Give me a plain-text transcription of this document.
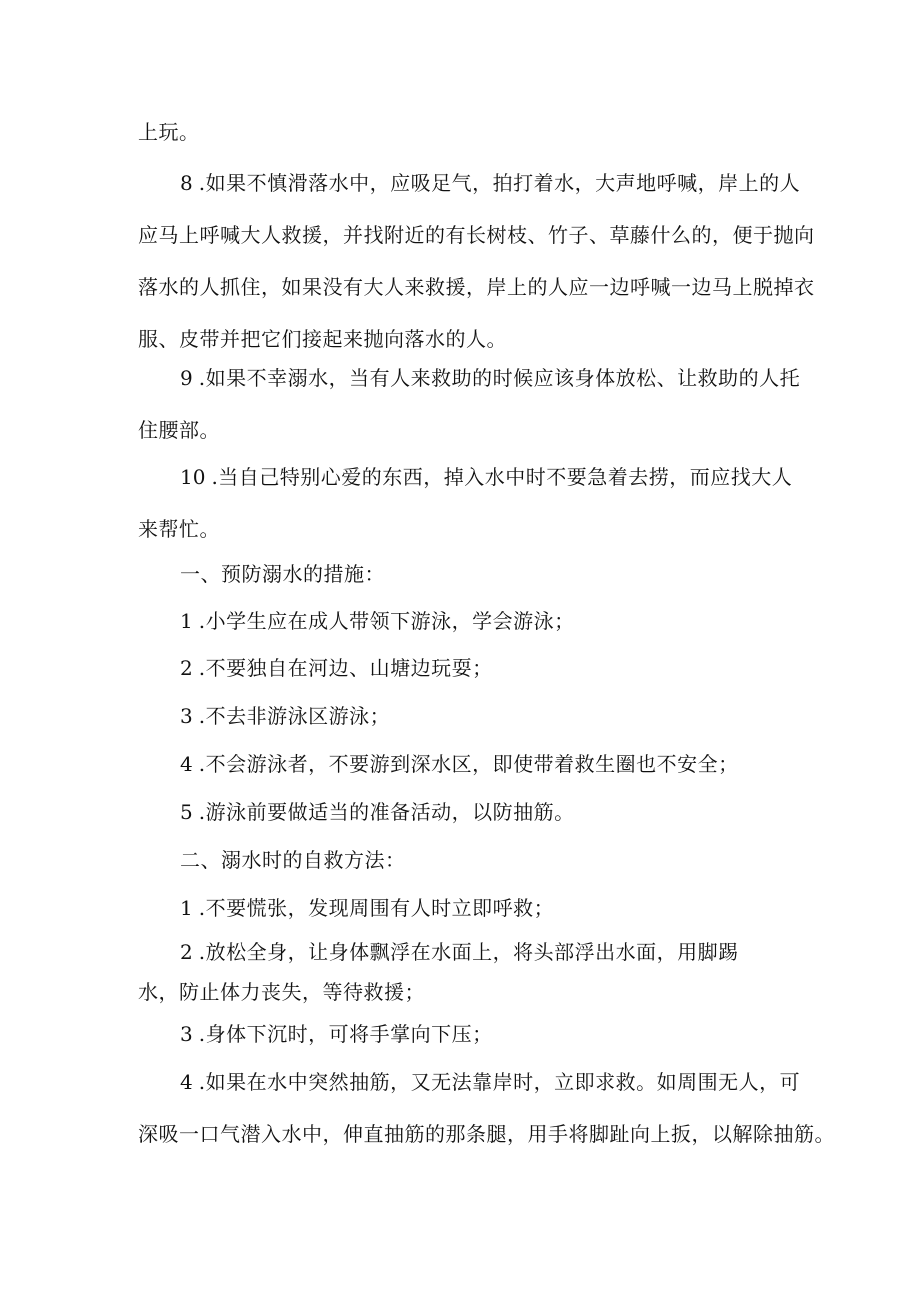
上玩。
8 .如果不慎滑落水中，应吸足气，拍打着水，大声地呼喊，岸上的人
应马上呼喊大人救援，并找附近的有长树枝、竹子、草藤什么的，便于抛向
落水的人抓住，如果没有大人来救援，岸上的人应一边呼喊一边马上脱掉衣
服、皮带并把它们接起来抛向落水的人。
9 .如果不幸溺水，当有人来救助的时候应该身体放松、让救助的人托
住腰部。
10 .当自己特别心爱的东西，掉入水中时不要急着去捞，而应找大人
来帮忙。
一、预防溺水的措施：
1 .小学生应在成人带领下游泳，学会游泳；
2 .不要独自在河边、山塘边玩耍；
3 .不去非游泳区游泳；
4 .不会游泳者，不要游到深水区，即使带着救生圈也不安全；
5 .游泳前要做适当的准备活动，以防抽筋。
二、溺水时的自救方法：
1 .不要慌张，发现周围有人时立即呼救；
2 .放松全身，让身体飘浮在水面上，将头部浮出水面，用脚踢
水，防止体力丧失，等待救援；
3 .身体下沉时，可将手掌向下压；
4 .如果在水中突然抽筋，又无法靠岸时，立即求救。如周围无人，可
深吸一口气潜入水中，伸直抽筋的那条腿，用手将脚趾向上扳，以解除抽筋。
